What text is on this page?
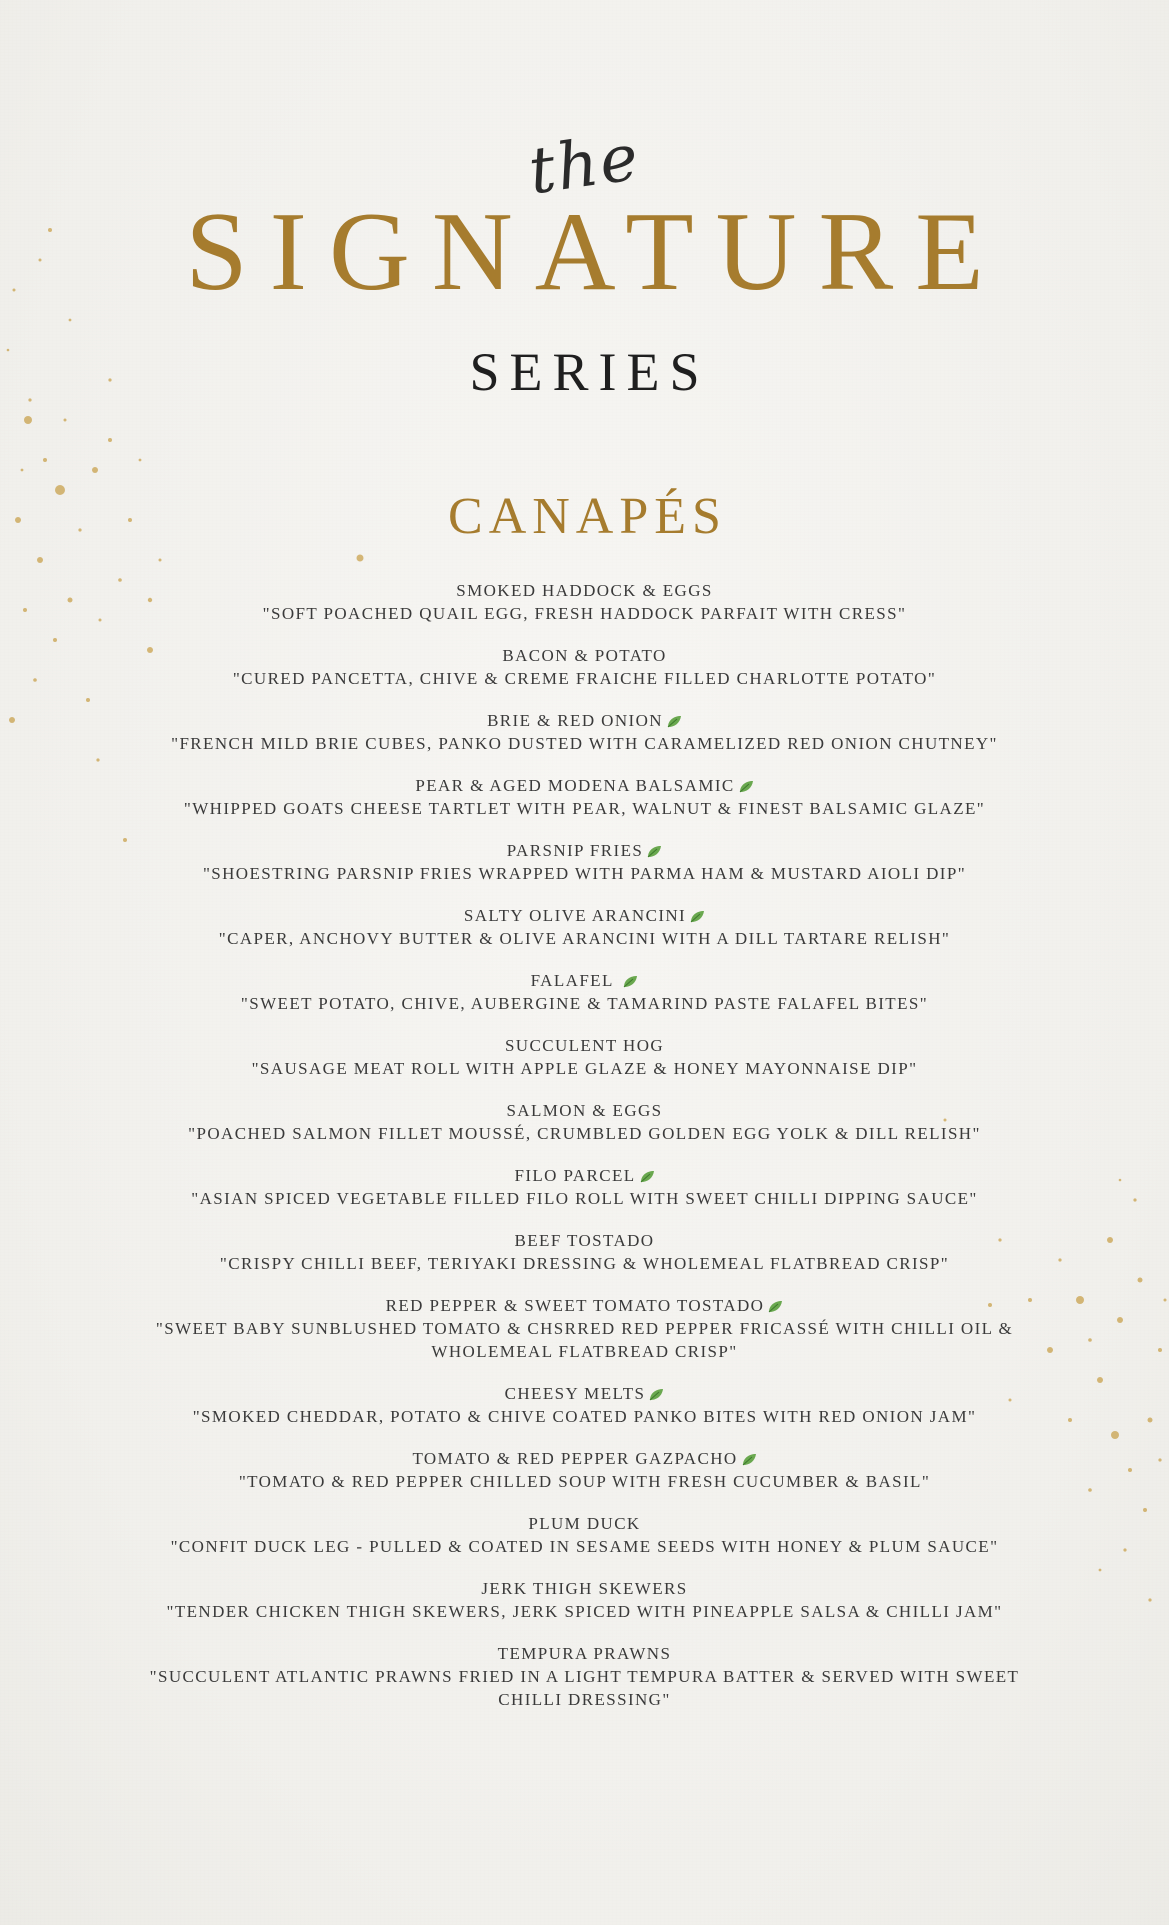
the
SIGNATURE
SERIES
CANAPÉS
SMOKED HADDOCK & EGGS
"SOFT POACHED QUAIL EGG, FRESH HADDOCK PARFAIT WITH CRESS"
BACON & POTATO
"CURED PANCETTA, CHIVE & CREME FRAICHE FILLED CHARLOTTE POTATO"
BRIE & RED ONION
"FRENCH MILD BRIE CUBES, PANKO DUSTED WITH CARAMELIZED RED ONION CHUTNEY"
PEAR & AGED MODENA BALSAMIC
"WHIPPED GOATS CHEESE TARTLET WITH PEAR, WALNUT & FINEST BALSAMIC GLAZE"
PARSNIP FRIES
"SHOESTRING PARSNIP FRIES WRAPPED WITH PARMA HAM & MUSTARD AIOLI DIP"
SALTY OLIVE ARANCINI
"CAPER, ANCHOVY BUTTER & OLIVE ARANCINI WITH A DILL TARTARE RELISH"
FALAFEL
"SWEET POTATO, CHIVE, AUBERGINE & TAMARIND PASTE FALAFEL BITES"
SUCCULENT HOG
"SAUSAGE MEAT ROLL WITH APPLE GLAZE & HONEY MAYONNAISE DIP"
SALMON & EGGS
"POACHED SALMON FILLET MOUSSÉ, CRUMBLED GOLDEN EGG YOLK & DILL RELISH"
FILO PARCEL
"ASIAN SPICED VEGETABLE FILLED FILO ROLL WITH SWEET CHILLI DIPPING SAUCE"
BEEF TOSTADO
"CRISPY CHILLI BEEF, TERIYAKI DRESSING & WHOLEMEAL FLATBREAD CRISP"
RED PEPPER & SWEET TOMATO TOSTADO
"SWEET BABY SUNBLUSHED TOMATO & CHSRRED RED PEPPER FRICASSÉ WITH CHILLI OIL & WHOLEMEAL FLATBREAD CRISP"
CHEESY MELTS
"SMOKED CHEDDAR, POTATO & CHIVE COATED PANKO BITES WITH RED ONION JAM"
TOMATO & RED PEPPER GAZPACHO
"TOMATO & RED PEPPER CHILLED SOUP WITH FRESH CUCUMBER & BASIL"
PLUM DUCK
"CONFIT DUCK LEG - PULLED & COATED IN SESAME SEEDS WITH HONEY & PLUM SAUCE"
JERK THIGH SKEWERS
"TENDER CHICKEN THIGH SKEWERS, JERK SPICED WITH PINEAPPLE SALSA & CHILLI JAM"
TEMPURA PRAWNS
"SUCCULENT ATLANTIC PRAWNS FRIED IN A LIGHT TEMPURA BATTER & SERVED WITH SWEET CHILLI DRESSING"
